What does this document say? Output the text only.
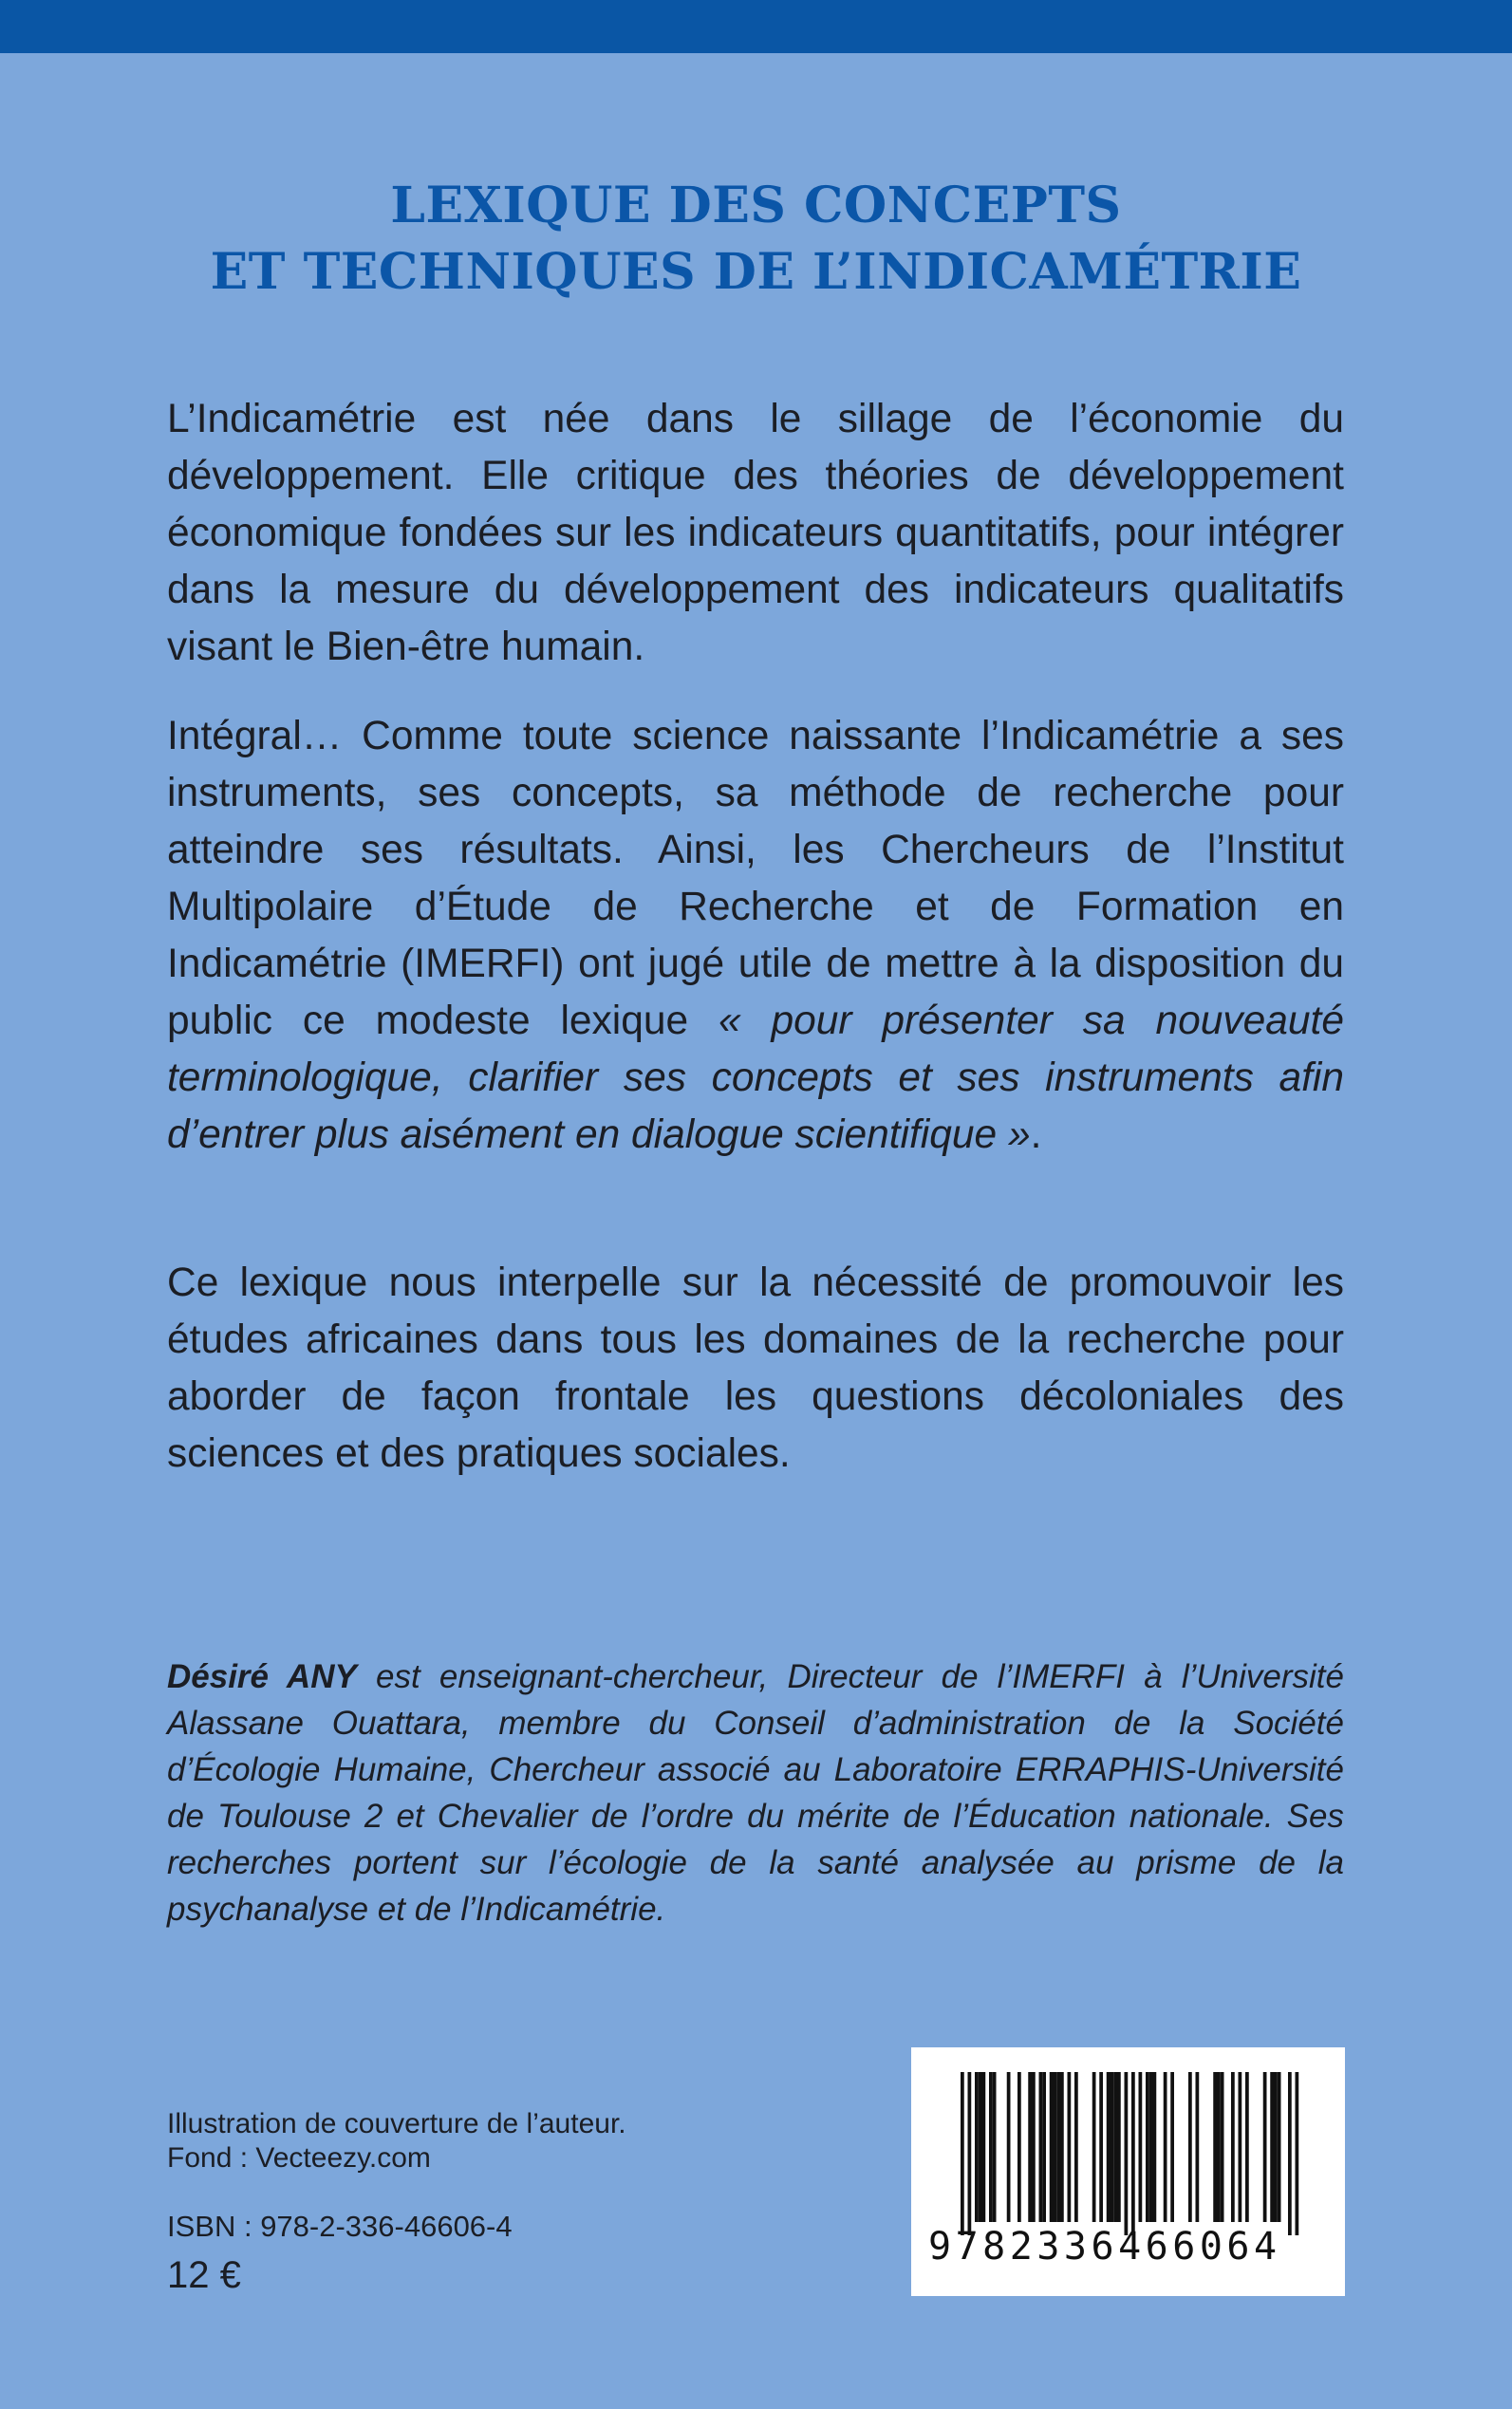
LEXIQUE DES CONCEPTS
ET TECHNIQUES DE L’INDICAMÉTRIE
L’Indicamétrie est née dans le sillage de l’économie du développement. Elle critique des théories de développement économique fondées sur les indicateurs quantitatifs, pour intégrer dans la mesure du développement des indicateurs qualitatifs visant le Bien-être humain.
Intégral… Comme toute science naissante l’Indicamétrie a ses instruments, ses concepts, sa méthode de recherche pour atteindre ses résultats. Ainsi, les Chercheurs de l’Institut Multipolaire d’Étude de Recherche et de Formation en Indicamétrie (IMERFI) ont jugé utile de mettre à la disposition du public ce modeste lexique « pour présenter sa nouveauté terminologique, clarifier ses concepts et ses instruments afin d’entrer plus aisément en dialogue scientifique ».
Ce lexique nous interpelle sur la nécessité de promouvoir les études africaines dans tous les domaines de la recherche pour aborder de façon frontale les questions décoloniales des sciences et des pratiques sociales.
Désiré ANY est enseignant-chercheur, Directeur de l’IMERFI à l’Université Alassane Ouattara, membre du Conseil d’administration de la Société d’Écologie Humaine, Chercheur associé au Laboratoire ERRAPHIS-Université de Toulouse 2 et Chevalier de l’ordre du mérite de l’Éducation nationale. Ses recherches portent sur l’écologie de la santé analysée au prisme de la psychanalyse et de l’Indicamétrie.
Illustration de couverture de l’auteur.
Fond : Vecteezy.com
ISBN : 978-2-336-46606-4
12 €
9782336466064
